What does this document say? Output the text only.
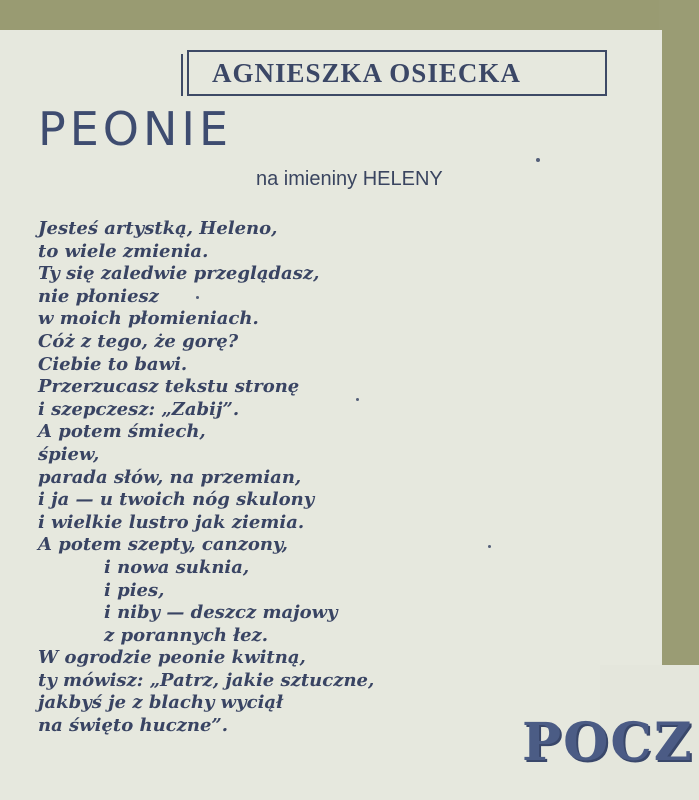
AGNIESZKA OSIECKA
PEONIE
na imieniny HELENY
Jesteś artystką, Heleno,
to wiele zmienia.
Ty się zaledwie przeglądasz,
nie płoniesz
w moich płomieniach.
Cóż z tego, że gorę?
Ciebie to bawi.
Przerzucasz tekstu stronę
i szepczesz: „Zabij”.
A potem śmiech,
śpiew,
parada słów, na przemian,
i ja — u twoich nóg skulony
i wielkie lustro jak ziemia.
A potem szepty, canzony,
i nowa suknia,
i pies,
i niby — deszcz majowy
z porannych łez.
W ogrodzie peonie kwitną,
ty mówisz: „Patrz, jakie sztuczne,
jakbyś je z blachy wyciął
na święto huczne”.	POCZ
